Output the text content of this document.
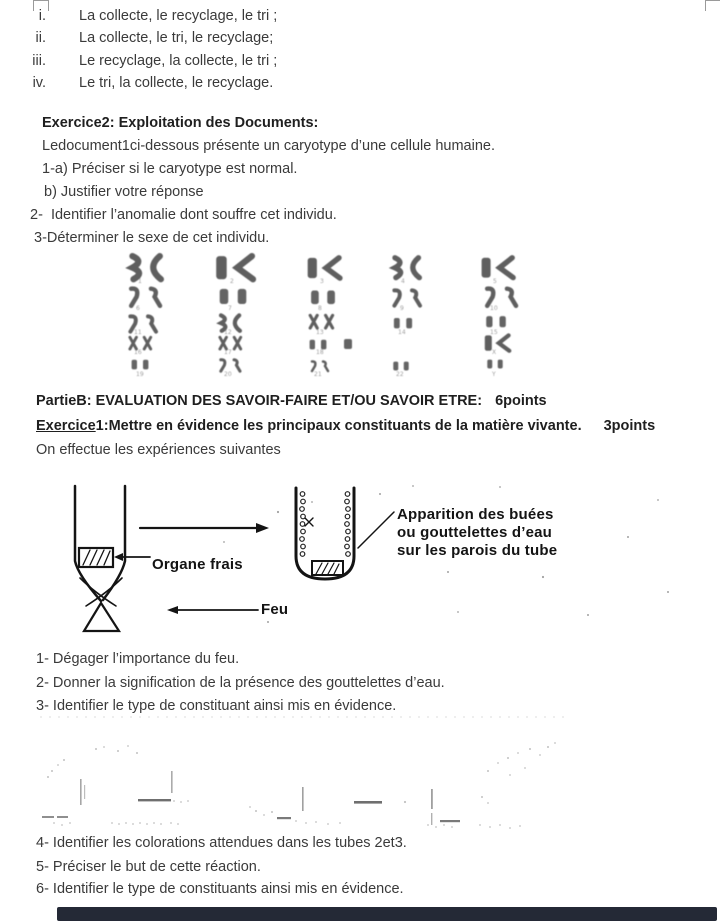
i. La collecte, le recyclage, le tri ;
ii. La collecte, le tri, le recyclage;
iii. Le recyclage, la collecte, le tri ;
iv. Le tri, la collecte, le recyclage.
Exercice2: Exploitation des Documents:
Ledocument1ci-dessous présente un caryotype d’une cellule humaine.
1-a) Préciser si le caryotype est normal.
b) Justifier votre réponse
2-  Identifier l’anomalie dont souffre cet individu.
3-Déterminer le sexe de cet individu.
1	2	3	4	5
6	7	8	9	10
11	12	13	14	15
16	17	18	X
19	20	21	22	Y
PartieB: EVALUATION DES SAVOIR-FAIRE ET/OU SAVOIR ETRE: 6points
Exercice1:Mettre en évidence les principaux constituants de la matière vivante. 3points
On effectue les expériences suivantes
Organe frais
Feu
Apparition des buées
ou gouttelettes d’eau
sur les parois du tube
1- Dégager l’importance du feu.
2- Donner la signification de la présence des gouttelettes d’eau.
3- Identifier le type de constituant ainsi mis en évidence.
4- Identifier les colorations attendues dans les tubes 2et3.
5- Préciser le but de cette réaction.
6- Identifier le type de constituants ainsi mis en évidence.
